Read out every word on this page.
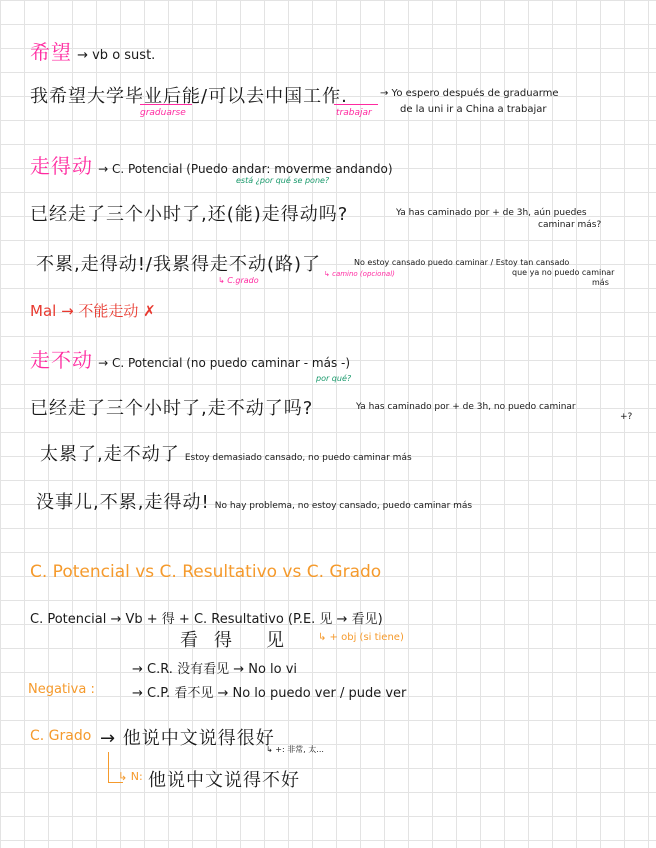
希望 → vb o sust.
我希望大学毕业后能/可以去中国工作.
graduarse	trabajar
→ Yo espero después de graduarme
de la uni ir a China a trabajar
走得动 → C. Potencial (Puedo andar: moverme andando)
está ¿por qué se pone?
已经走了三个小时了,还(能)走得动吗?	Ya has caminado por + de 3h, aún puedes
caminar más?
不累,走得动!/我累得走不动(路)了
↳ C.grado
↳ camino (opcional)
No estoy cansado puedo caminar / Estoy tan cansado
que ya no puedo caminar
más
Mal → 不能走动 ✗
走不动 → C. Potencial (no puedo caminar - más -)
por qué?
已经走了三个小时了,走不动了吗?	Ya has caminado por + de 3h, no puedo caminar
+?
太累了,走不动了 Estoy demasiado cansado, no puedo caminar más
没事儿,不累,走得动! No hay problema, no estoy cansado, puedo caminar más
C. Potencial vs C. Resultativo vs C. Grado
C. Potencial → Vb + 得 + C. Resultativo (P.E. 见 → 看见)
看 得 见	↳ + obj (si tiene)
Negativa :
→ C.R. 没有看见 → No lo vi
→ C.P. 看不见 → No lo puedo ver / pude ver
C. Grado → 他说中文说得很好
↳ +: 非常, 太...
↳ N: 他说中文说得不好
